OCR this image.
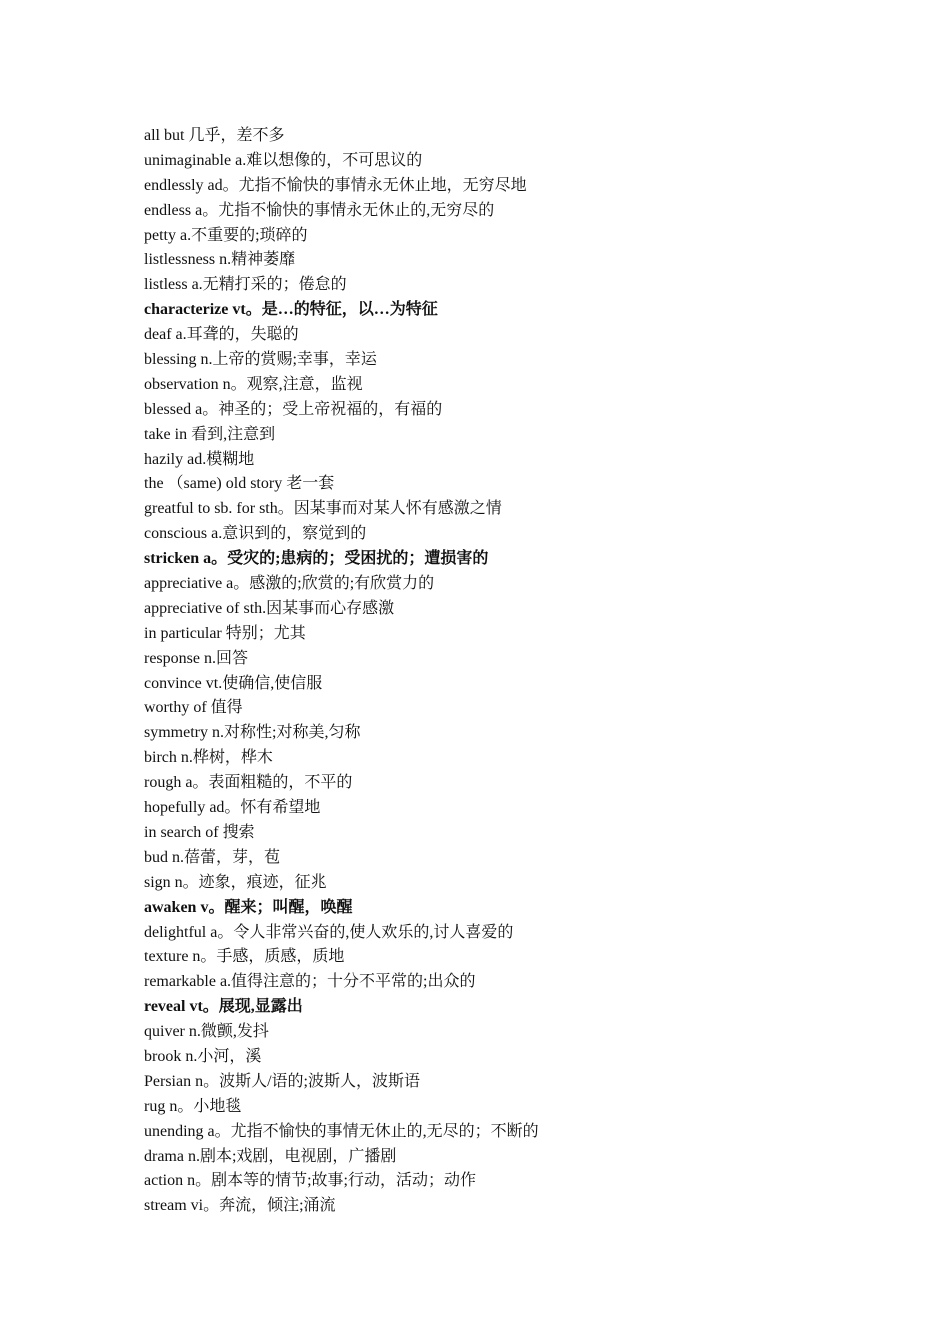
all but 几乎，差不多
unimaginable a.难以想像的，不可思议的
endlessly ad。尤指不愉快的事情永无休止地，无穷尽地
endless a。尤指不愉快的事情永无休止的,无穷尽的
petty a.不重要的;琐碎的
listlessness n.精神萎靡
listless a.无精打采的；倦怠的
characterize vt。是…的特征，以…为特征
deaf a.耳聋的，失聪的
blessing n.上帝的赏赐;幸事，幸运
observation n。观察,注意，监视
blessed a。神圣的；受上帝祝福的，有福的
take in 看到,注意到
hazily ad.模糊地
the （same) old story 老一套
greatful to sb. for sth。因某事而对某人怀有感激之情
conscious a.意识到的，察觉到的
stricken a。受灾的;患病的；受困扰的；遭损害的
appreciative a。感激的;欣赏的;有欣赏力的
appreciative of sth.因某事而心存感激
in particular 特别；尤其
response n.回答
convince vt.使确信,使信服
worthy of 值得
symmetry n.对称性;对称美,匀称
birch n.桦树，桦木
rough a。表面粗糙的，不平的
hopefully ad。怀有希望地
in search of 搜索
bud n.蓓蕾，芽，苞
sign n。迹象，痕迹，征兆
awaken v。醒来；叫醒，唤醒
delightful a。令人非常兴奋的,使人欢乐的,讨人喜爱的
texture n。手感，质感，质地
remarkable a.值得注意的；十分不平常的;出众的
reveal vt。展现,显露出
quiver n.微颤,发抖
brook n.小河，溪
Persian n。波斯人/语的;波斯人，波斯语
rug n。小地毯
unending a。尤指不愉快的事情无休止的,无尽的；不断的
drama n.剧本;戏剧，电视剧，广播剧
action n。剧本等的情节;故事;行动，活动；动作
stream vi。奔流，倾注;涌流
